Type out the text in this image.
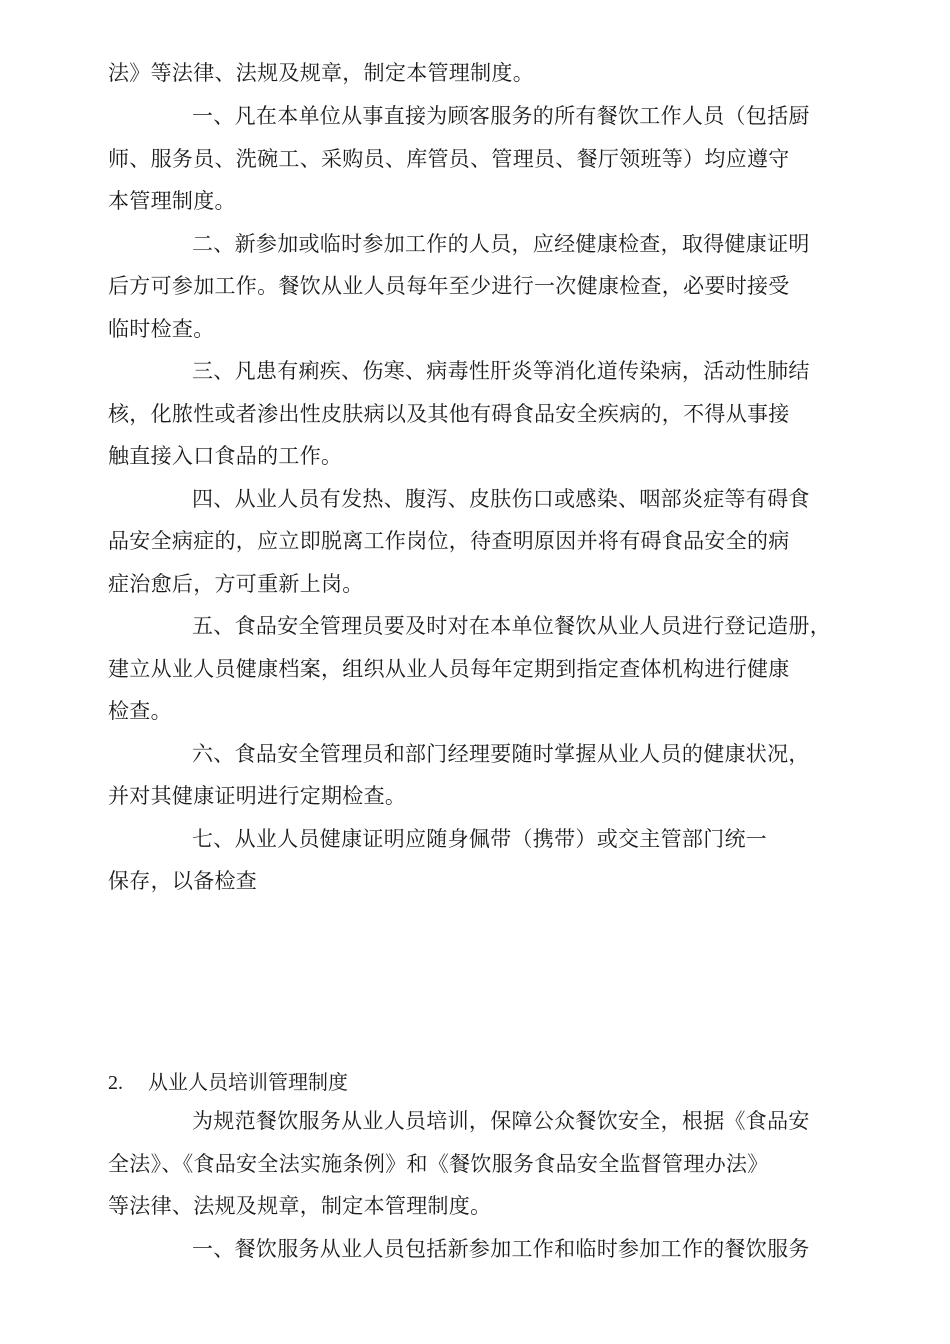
法》等法律、法规及规章，制定本管理制度。
一、凡在本单位从事直接为顾客服务的所有餐饮工作人员（包括厨
师、服务员、洗碗工、采购员、库管员、管理员、餐厅领班等）均应遵守
本管理制度。
二、新参加或临时参加工作的人员，应经健康检查，取得健康证明
后方可参加工作。餐饮从业人员每年至少进行一次健康检查，必要时接受
临时检查。
三、凡患有痢疾、伤寒、病毒性肝炎等消化道传染病，活动性肺结
核，化脓性或者渗出性皮肤病以及其他有碍食品安全疾病的，不得从事接
触直接入口食品的工作。
四、从业人员有发热、腹泻、皮肤伤口或感染、咽部炎症等有碍食
品安全病症的，应立即脱离工作岗位，待查明原因并将有碍食品安全的病
症治愈后，方可重新上岗。
五、食品安全管理员要及时对在本单位餐饮从业人员进行登记造册，
建立从业人员健康档案，组织从业人员每年定期到指定查体机构进行健康
检查。
六、食品安全管理员和部门经理要随时掌握从业人员的健康状况，
并对其健康证明进行定期检查。
七、从业人员健康证明应随身佩带（携带）或交主管部门统一
保存，以备检查
2. 从业人员培训管理制度
为规范餐饮服务从业人员培训，保障公众餐饮安全，根据《食品安
全法》、《食品安全法实施条例》和《餐饮服务食品安全监督管理办法》
等法律、法规及规章，制定本管理制度。
一、餐饮服务从业人员包括新参加工作和临时参加工作的餐饮服务
